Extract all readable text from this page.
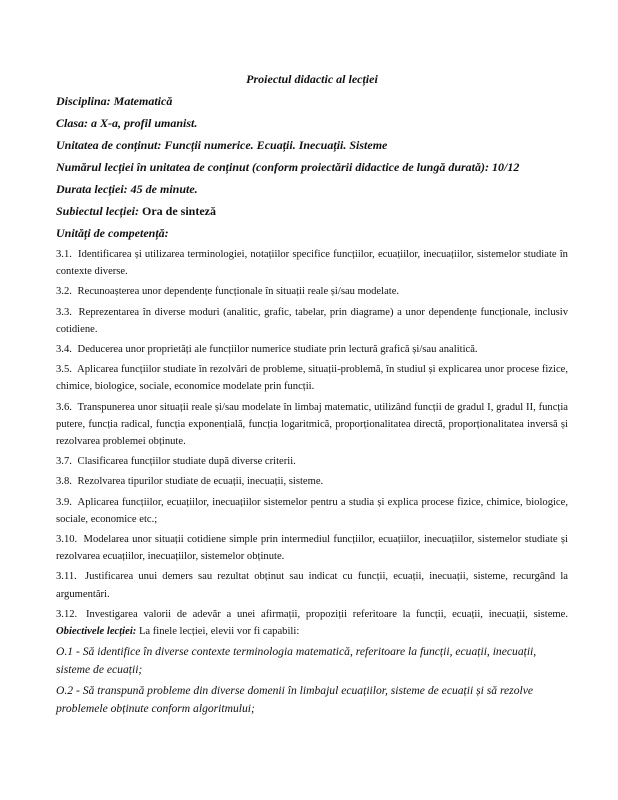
Proiectul didactic al lecției
Disciplina: Matematică
Clasa: a X-a, profil umanist.
Unitatea de conținut: Funcții numerice. Ecuații. Inecuații. Sisteme
Numărul lecției în unitatea de conținut (conform proiectării didactice de lungă durată): 10/12
Durata lecției: 45 de minute.
Subiectul lecției: Ora de sinteză
Unități de competență:
3.1. Identificarea și utilizarea terminologiei, notațiilor specifice funcțiilor, ecuațiilor, inecuațiilor, sistemelor studiate în contexte diverse.
3.2. Recunoașterea unor dependențe funcționale în situații reale și/sau modelate.
3.3. Reprezentarea în diverse moduri (analitic, grafic, tabelar, prin diagrame) a unor dependențe funcționale, inclusiv cotidiene.
3.4. Deducerea unor proprietăți ale funcțiilor numerice studiate prin lectură grafică și/sau analitică.
3.5. Aplicarea funcțiilor studiate în rezolvări de probleme, situații-problemă, în studiul și explicarea unor procese fizice, chimice, biologice, sociale, economice modelate prin funcții.
3.6. Transpunerea unor situații reale și/sau modelate în limbaj matematic, utilizând funcții de gradul I, gradul II, funcția putere, funcția radical, funcția exponențială, funcția logaritmică, proporționalitatea directă, proporționalitatea inversă și rezolvarea problemei obținute.
3.7. Clasificarea funcțiilor studiate după diverse criterii.
3.8. Rezolvarea tipurilor studiate de ecuații, inecuații, sisteme.
3.9. Aplicarea funcțiilor, ecuațiilor, inecuațiilor sistemelor pentru a studia și explica procese fizice, chimice, biologice, sociale, economice etc.;
3.10. Modelarea unor situații cotidiene simple prin intermediul funcțiilor, ecuațiilor, inecuațiilor, sistemelor studiate și rezolvarea ecuațiilor, inecuațiilor, sistemelor obținute.
3.11. Justificarea unui demers sau rezultat obținut sau indicat cu funcții, ecuații, inecuații, sisteme, recurgând la argumentări.
3.12. Investigarea valorii de adevăr a unei afirmații, propoziții referitoare la funcții, ecuații, inecuații, sisteme. Obiectivele lecției: La finele lecției, elevii vor fi capabili:
O.1 - Să identifice în diverse contexte terminologia matematică, referitoare la funcții, ecuații, inecuații, sisteme de ecuații;
O.2 - Să transpună probleme din diverse domenii în limbajul ecuațiilor, sisteme de ecuații și să rezolve problemele obținute conform algoritmului;
